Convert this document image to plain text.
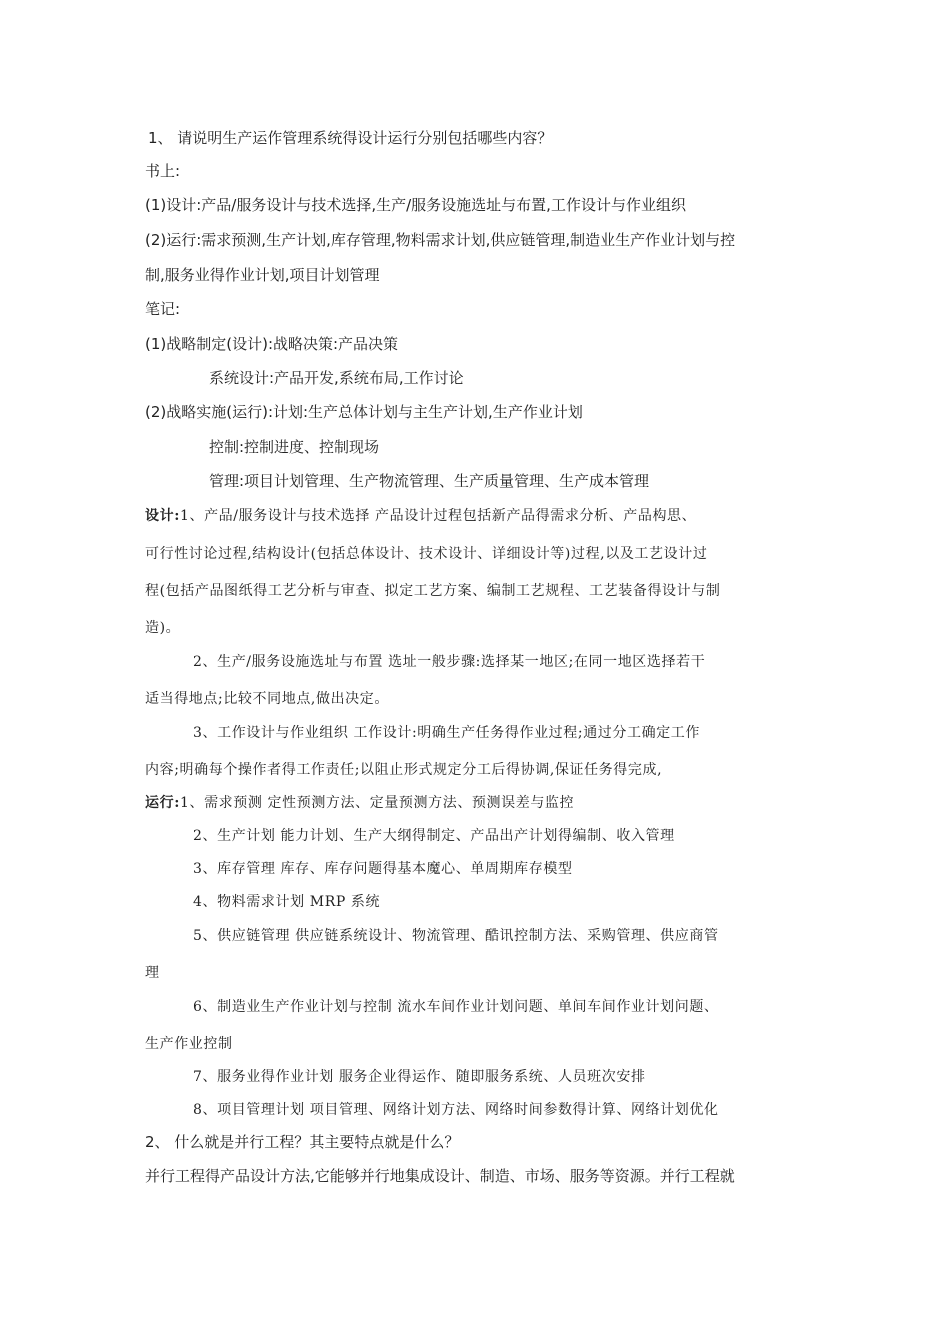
1、 请说明生产运作管理系统得设计运行分别包括哪些内容？
书上:
(1)设计:产品/服务设计与技术选择,生产/服务设施选址与布置,工作设计与作业组织
(2)运行:需求预测,生产计划,库存管理,物料需求计划,供应链管理,制造业生产作业计划与控
制,服务业得作业计划,项目计划管理
笔记:
(1)战略制定(设计):战略决策:产品决策
系统设计:产品开发,系统布局,工作讨论
(2)战略实施(运行):计划:生产总体计划与主生产计划,生产作业计划
控制:控制进度、控制现场
管理:项目计划管理、生产物流管理、生产质量管理、生产成本管理
设计:1、产品/服务设计与技术选择 产品设计过程包括新产品得需求分析、产品构思、
可行性讨论过程,结构设计(包括总体设计、技术设计、详细设计等)过程,以及工艺设计过
程(包括产品图纸得工艺分析与审查、拟定工艺方案、编制工艺规程、工艺装备得设计与制
造)。
2、生产/服务设施选址与布置 选址一般步骤:选择某一地区;在同一地区选择若干
适当得地点;比较不同地点,做出决定。
3、工作设计与作业组织 工作设计:明确生产任务得作业过程;通过分工确定工作
内容;明确每个操作者得工作责任;以阻止形式规定分工后得协调,保证任务得完成,
运行:1、需求预测 定性预测方法、定量预测方法、预测误差与监控
2、生产计划 能力计划、生产大纲得制定、产品出产计划得编制、收入管理
3、库存管理 库存、库存问题得基本魔心、单周期库存模型
4、物料需求计划 MRP 系统
5、供应链管理 供应链系统设计、物流管理、酷讯控制方法、采购管理、供应商管
理
6、制造业生产作业计划与控制 流水车间作业计划问题、单间车间作业计划问题、
生产作业控制
7、服务业得作业计划 服务企业得运作、随即服务系统、人员班次安排
8、项目管理计划 项目管理、网络计划方法、网络时间参数得计算、网络计划优化
2、 什么就是并行工程？其主要特点就是什么？
并行工程得产品设计方法,它能够并行地集成设计、制造、市场、服务等资源。并行工程就
